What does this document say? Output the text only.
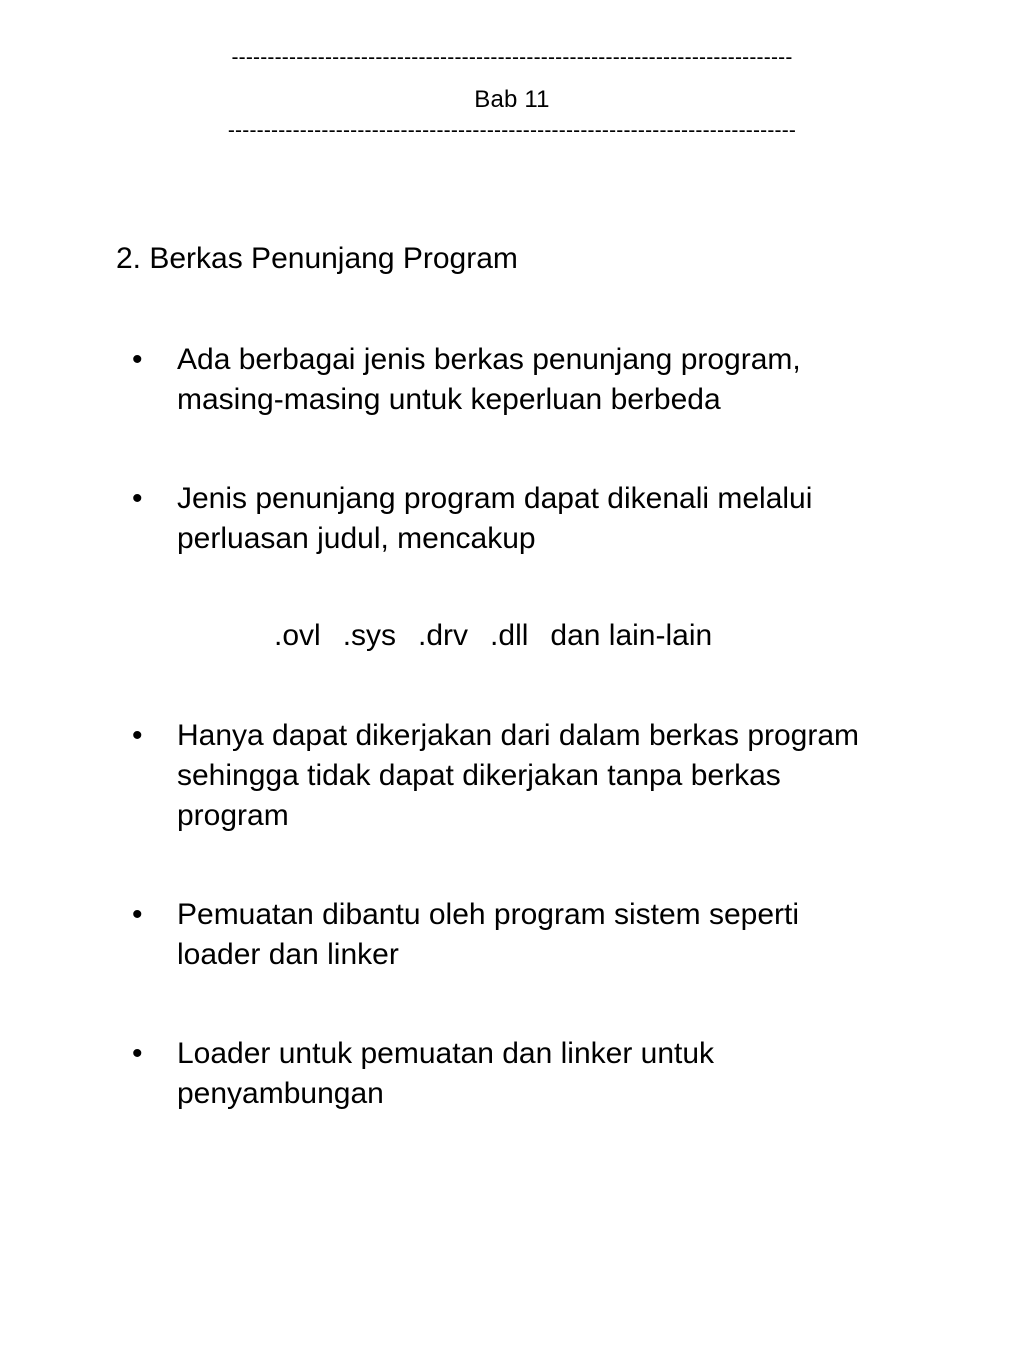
------------------------------------------------------------------------------
Bab 11
-------------------------------------------------------------------------------
2. Berkas Penunjang Program
•	Ada berbagai jenis berkas penunjang program,
masing-masing untuk keperluan berbeda
•	Jenis penunjang program dapat dikenali melalui
perluasan judul, mencakup
.ovl .sys .drv .dll dan lain-lain
•	Hanya dapat dikerjakan dari dalam berkas program
sehingga tidak dapat dikerjakan tanpa berkas
program
•	Pemuatan dibantu oleh program sistem seperti
loader dan linker
•	Loader untuk pemuatan dan linker untuk
penyambungan
